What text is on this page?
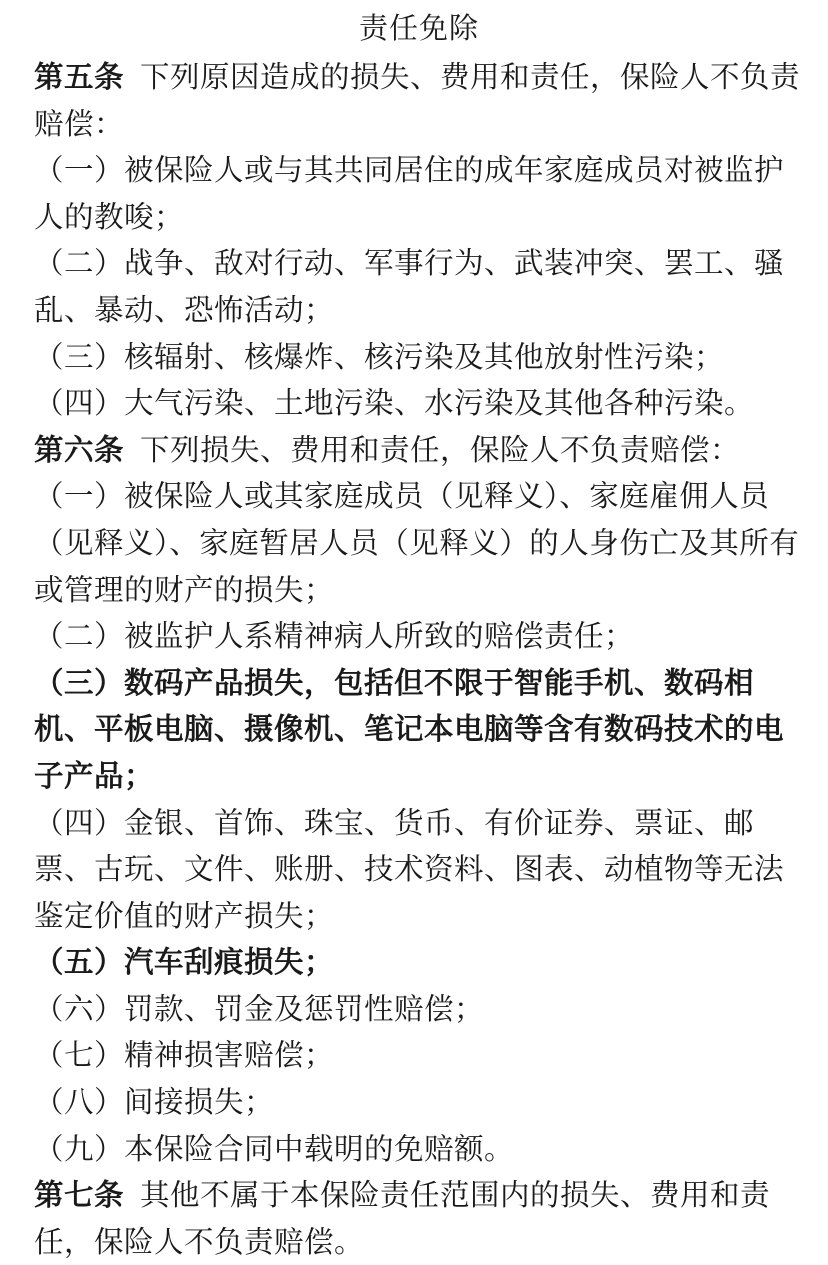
责任免除

第五条 下列原因造成的损失、费用和责任，保险人不负责赔偿：

（一）被保险人或与其共同居住的成年家庭成员对被监护人的教唆；

（二）战争、敌对行动、军事行为、武装冲突、罢工、骚乱、暴动、恐怖活动；

（三）核辐射、核爆炸、核污染及其他放射性污染；

（四）大气污染、土地污染、水污染及其他各种污染。

第六条 下列损失、费用和责任，保险人不负责赔偿：

（一）被保险人或其家庭成员（见释义）、家庭雇佣人员（见释义）、家庭暂居人员（见释义）的人身伤亡及其所有或管理的财产的损失；

（二）被监护人系精神病人所致的赔偿责任；

（三）数码产品损失，包括但不限于智能手机、数码相机、平板电脑、摄像机、笔记本电脑等含有数码技术的电子产品；

（四）金银、首饰、珠宝、货币、有价证券、票证、邮票、古玩、文件、账册、技术资料、图表、动植物等无法鉴定价值的财产损失；

（五）汽车刮痕损失；

（六）罚款、罚金及惩罚性赔偿；

（七）精神损害赔偿；

（八）间接损失；

（九）本保险合同中载明的免赔额。

第七条 其他不属于本保险责任范围内的损失、费用和责任，保险人不负责赔偿。
